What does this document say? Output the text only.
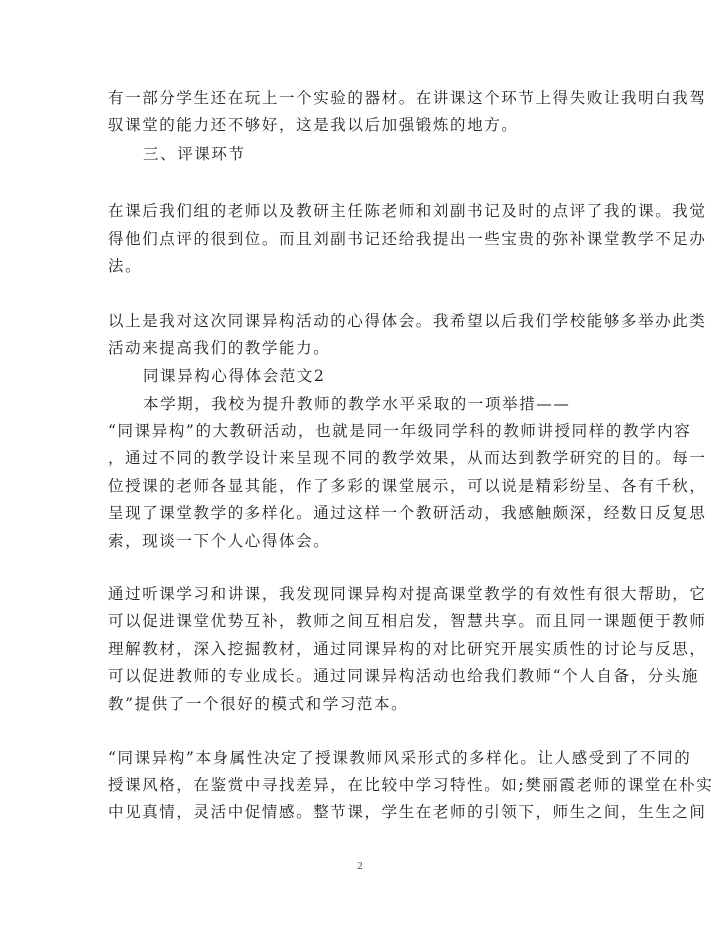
有一部分学生还在玩上一个实验的器材。在讲课这个环节上得失败让我明白我驾
驭课堂的能力还不够好，这是我以后加强锻炼的地方。
三、评课环节
在课后我们组的老师以及教研主任陈老师和刘副书记及时的点评了我的课。我觉
得他们点评的很到位。而且刘副书记还给我提出一些宝贵的弥补课堂教学不足办
法。
以上是我对这次同课异构活动的心得体会。我希望以后我们学校能够多举办此类
活动来提高我们的教学能力。
同课异构心得体会范文2
本学期，我校为提升教师的教学水平采取的一项举措——
“同课异构”的大教研活动，也就是同一年级同学科的教师讲授同样的教学内容
，通过不同的教学设计来呈现不同的教学效果，从而达到教学研究的目的。每一
位授课的老师各显其能，作了多彩的课堂展示，可以说是精彩纷呈、各有千秋，
呈现了课堂教学的多样化。通过这样一个教研活动，我感触颇深，经数日反复思
索，现谈一下个人心得体会。
通过听课学习和讲课，我发现同课异构对提高课堂教学的有效性有很大帮助，它
可以促进课堂优势互补，教师之间互相启发，智慧共享。而且同一课题便于教师
理解教材，深入挖掘教材，通过同课异构的对比研究开展实质性的讨论与反思，
可以促进教师的专业成长。通过同课异构活动也给我们教师“个人自备，分头施
教”提供了一个很好的模式和学习范本。
“同课异构”本身属性决定了授课教师风采形式的多样化。让人感受到了不同的
授课风格，在鉴赏中寻找差异，在比较中学习特性。如;樊丽霞老师的课堂在朴实
中见真情，灵活中促情感。整节课，学生在老师的引领下，师生之间，生生之间
2
